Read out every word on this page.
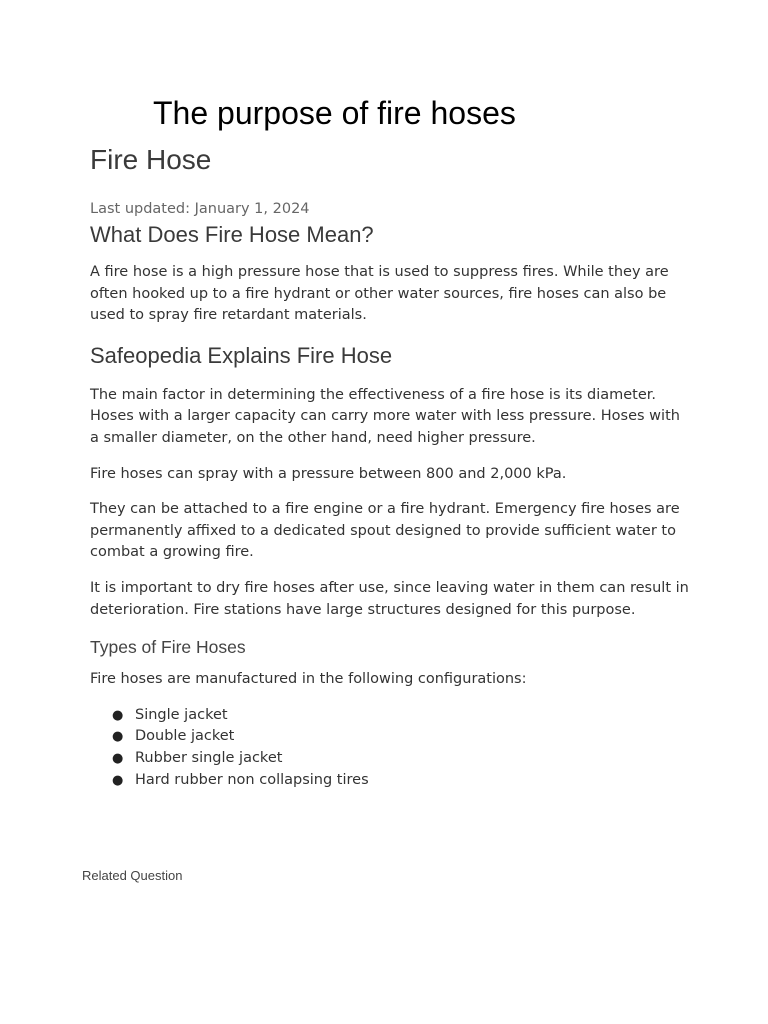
The purpose of fire hoses
Fire Hose
Last updated: January 1, 2024
What Does Fire Hose Mean?

A fire hose is a high pressure hose that is used to suppress fires. While they are often hooked up to a fire hydrant or other water sources, fire hoses can also be used to spray fire retardant materials.

Safeopedia Explains Fire Hose

The main factor in determining the effectiveness of a fire hose is its diameter. Hoses with a larger capacity can carry more water with less pressure. Hoses with a smaller diameter, on the other hand, need higher pressure.

Fire hoses can spray with a pressure between 800 and 2,000 kPa.

They can be attached to a fire engine or a fire hydrant. Emergency fire hoses are permanently affixed to a dedicated spout designed to provide sufficient water to combat a growing fire.

It is important to dry fire hoses after use, since leaving water in them can result in deterioration. Fire stations have large structures designed for this purpose.

Types of Fire Hoses

Fire hoses are manufactured in the following configurations:

● Single jacket
● Double jacket
● Rubber single jacket
● Hard rubber non collapsing tires
Related Question
